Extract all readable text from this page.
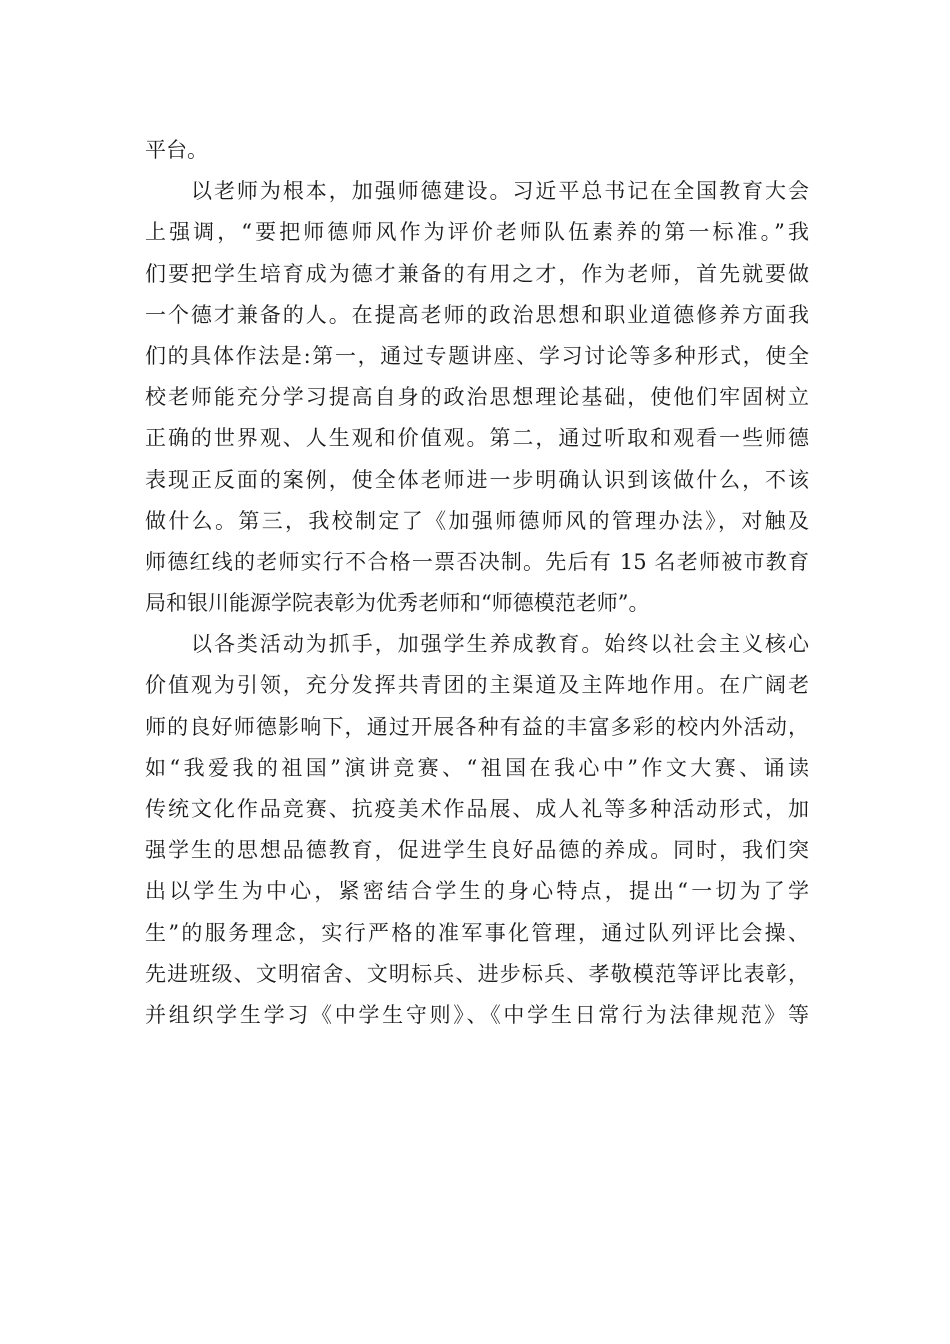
平台。
以老师为根本，加强师德建设。习近平总书记在全国教育大会
上强调，“要把师德师风作为评价老师队伍素养的第一标准。”我
们要把学生培育成为德才兼备的有用之才，作为老师，首先就要做
一个德才兼备的人。在提高老师的政治思想和职业道德修养方面我
们的具体作法是:第一，通过专题讲座、学习讨论等多种形式，使全
校老师能充分学习提高自身的政治思想理论基础，使他们牢固树立
正确的世界观、人生观和价值观。第二，通过听取和观看一些师德
表现正反面的案例，使全体老师进一步明确认识到该做什么，不该
做什么。第三，我校制定了《加强师德师风的管理办法》，对触及
师德红线的老师实行不合格一票否决制。先后有 15 名老师被市教育
局和银川能源学院表彰为优秀老师和“师德模范老师”。
以各类活动为抓手，加强学生养成教育。始终以社会主义核心
价值观为引领，充分发挥共青团的主渠道及主阵地作用。在广阔老
师的良好师德影响下，通过开展各种有益的丰富多彩的校内外活动，
如“我爱我的祖国”演讲竞赛、“祖国在我心中”作文大赛、诵读
传统文化作品竞赛、抗疫美术作品展、成人礼等多种活动形式，加
强学生的思想品德教育，促进学生良好品德的养成。同时，我们突
出以学生为中心，紧密结合学生的身心特点，提出“一切为了学
生”的服务理念，实行严格的准军事化管理，通过队列评比会操、
先进班级、文明宿舍、文明标兵、进步标兵、孝敬模范等评比表彰，
并组织学生学习《中学生守则》、《中学生日常行为法律规范》等
